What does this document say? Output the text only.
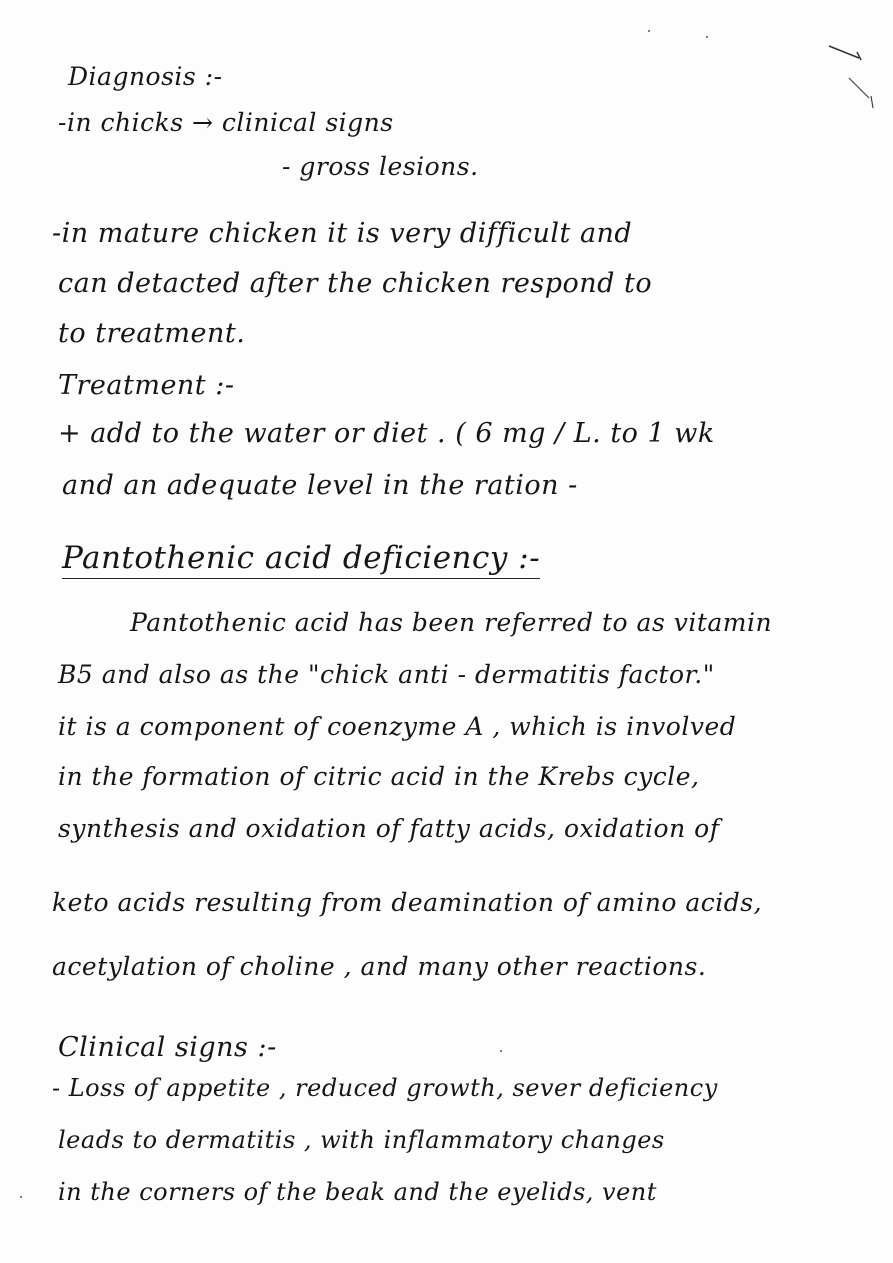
Diagnosis :-
-in chicks → clinical signs
- gross lesions.
-in mature chicken it is very difficult and
can detacted after the chicken respond to
to treatment.
Treatment :-
+ add to the water or diet . ( 6 mg / L. to 1 wk
and an adequate level in the ration -
Pantothenic acid deficiency :-
Pantothenic acid has been referred to as vitamin
B5 and also as the "chick anti - dermatitis factor."
it is a component of coenzyme A , which is involved
in the formation of citric acid in the Krebs cycle,
synthesis and oxidation of fatty acids, oxidation of
keto acids resulting from deamination of amino acids,
acetylation of choline , and many other reactions.
Clinical signs :-
- Loss of appetite , reduced growth, sever deficiency
leads to dermatitis , with inflammatory changes
in the corners of the beak and the eyelids, vent
